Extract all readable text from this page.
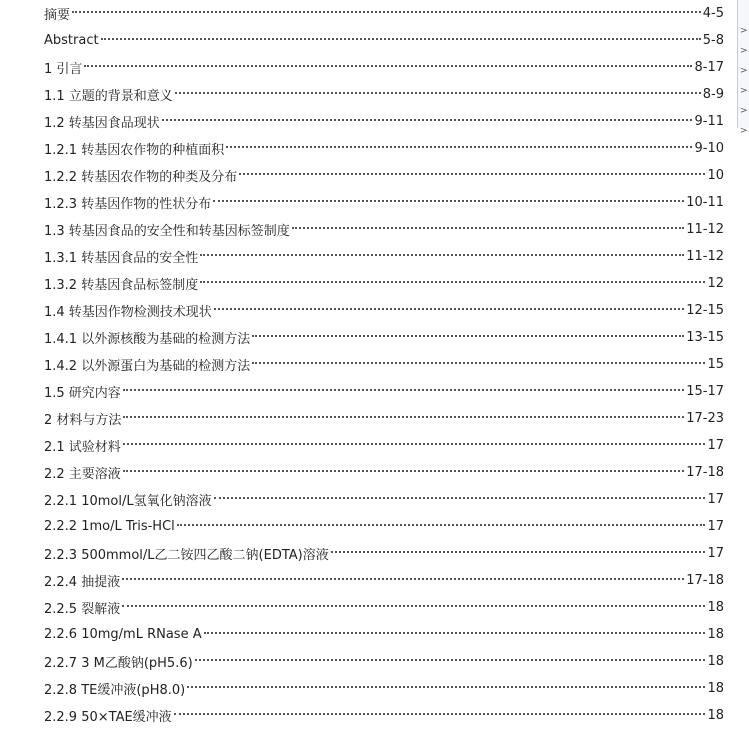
摘要	4-5
Abstract	5-8
1 引言	8-17
1.1 立题的背景和意义	8-9
1.2 转基因食品现状	9-11
1.2.1 转基因农作物的种植面积	9-10
1.2.2 转基因农作物的种类及分布	10
1.2.3 转基因作物的性状分布	10-11
1.3 转基因食品的安全性和转基因标签制度	11-12
1.3.1 转基因食品的安全性	11-12
1.3.2 转基因食品标签制度	12
1.4 转基因作物检测技术现状	12-15
1.4.1 以外源核酸为基础的检测方法	13-15
1.4.2 以外源蛋白为基础的检测方法	15
1.5 研究内容	15-17
2 材料与方法	17-23
2.1 试验材料	17
2.2 主要溶液	17-18
2.2.1 10mol/L氢氧化钠溶液	17
2.2.2 1mo/L Tris-HCl	17
2.2.3 500mmol/L乙二铵四乙酸二钠(EDTA)溶液	17
2.2.4 抽提液	17-18
2.2.5 裂解液	18
2.2.6 10mg/mL RNase A	18
2.2.7 3 M乙酸钠(pH5.6)	18
2.2.8 TE缓冲液(pH8.0)	18
2.2.9 50×TAE缓冲液	18
>
>
>
>
>
>
